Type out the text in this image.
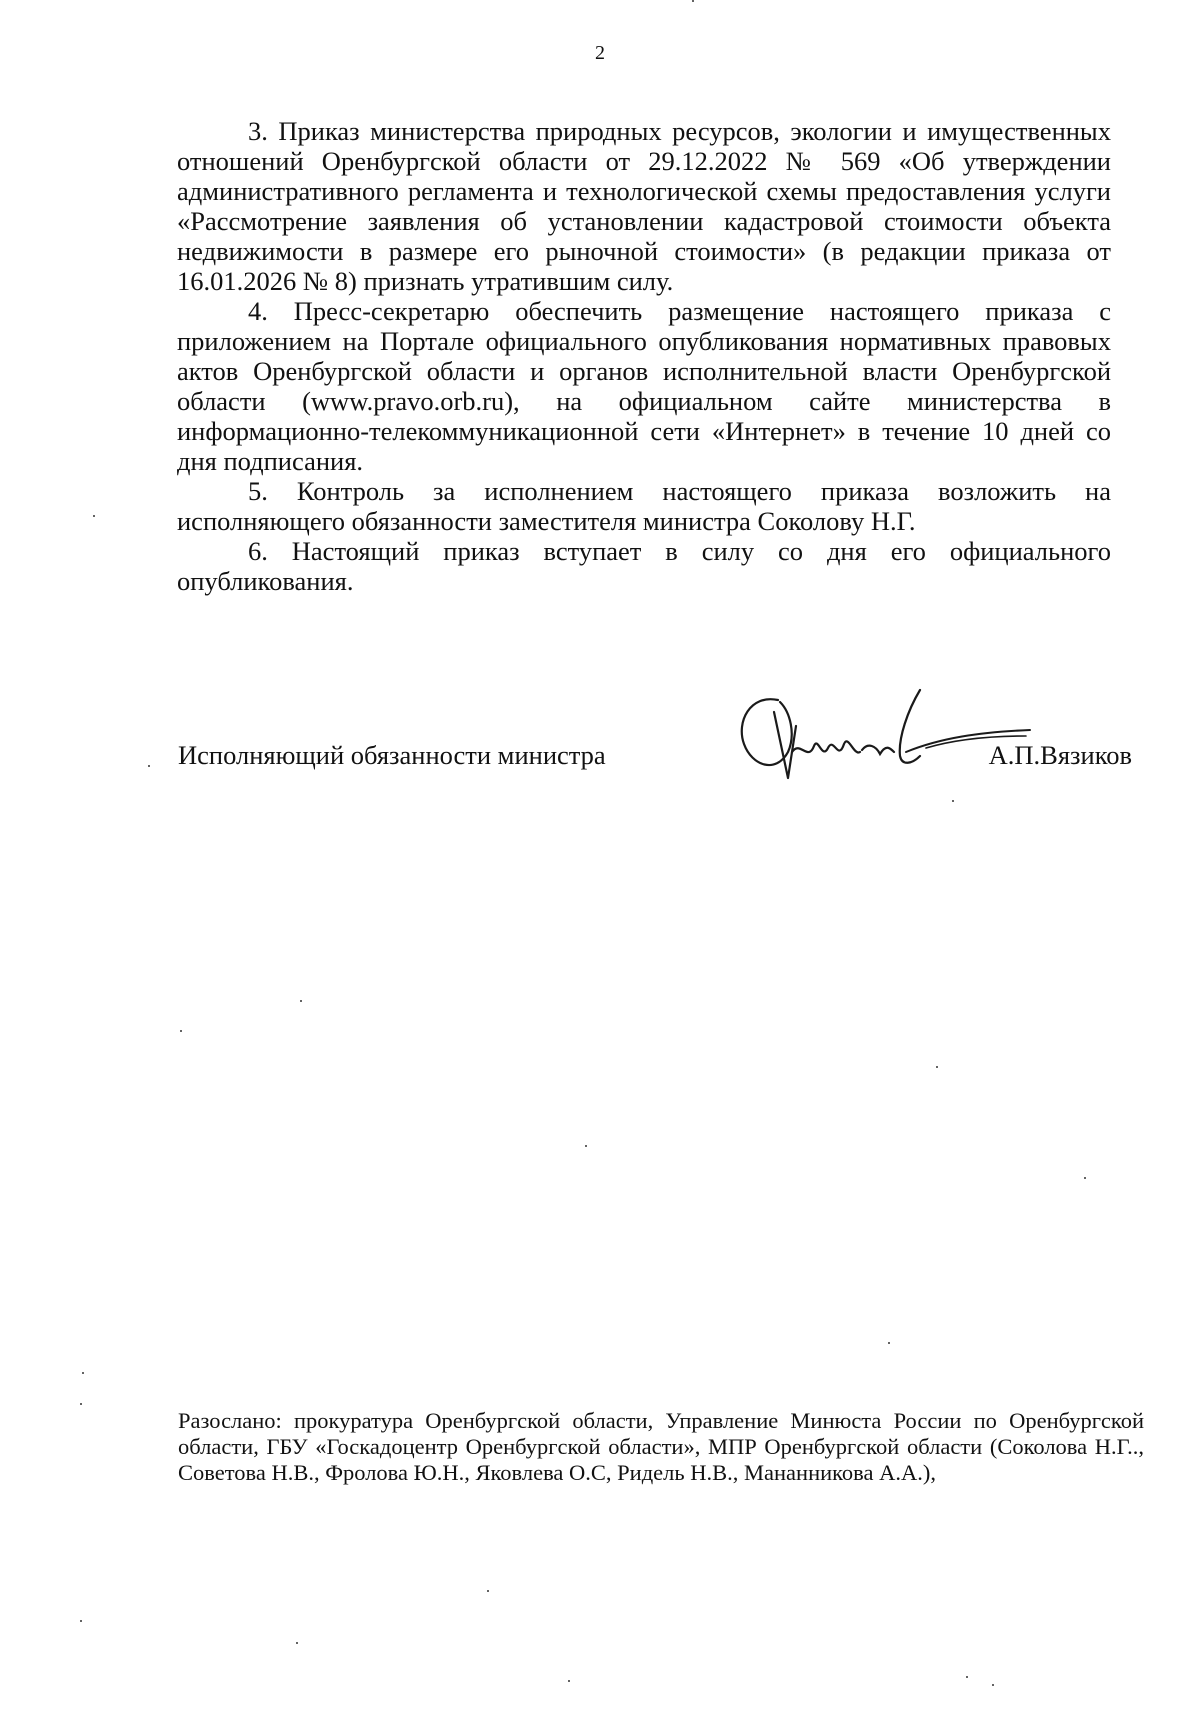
2

3. Приказ министерства природных ресурсов, экологии и имущественных отношений Оренбургской области от 29.12.2022 № 569 «Об утверждении административного регламента и технологической схемы предоставления услуги «Рассмотрение заявления об установлении кадастровой стоимости объекта недвижимости в размере его рыночной стоимости» (в редакции приказа от 16.01.2026 № 8) признать утратившим силу.

4. Пресс-секретарю обеспечить размещение настоящего приказа с приложением на Портале официального опубликования нормативных правовых актов Оренбургской области и органов исполнительной власти Оренбургской области (www.pravo.orb.ru), на официальном сайте министерства в информационно-телекоммуникационной сети «Интернет» в течение 10 дней со дня подписания.

5. Контроль за исполнением настоящего приказа возложить на исполняющего обязанности заместителя министра Соколову Н.Г.

6. Настоящий приказ вступает в силу со дня его официального опубликования.

Исполняющий обязанности министра	А.П.Вязиков

Разослано: прокуратура Оренбургской области, Управление Минюста России по Оренбургской области, ГБУ «Госкадоцентр Оренбургской области», МПР Оренбургской области (Соколова Н.Г.., Советова Н.В., Фролова Ю.Н., Яковлева О.С, Ридель Н.В., Мананникова А.А.),
